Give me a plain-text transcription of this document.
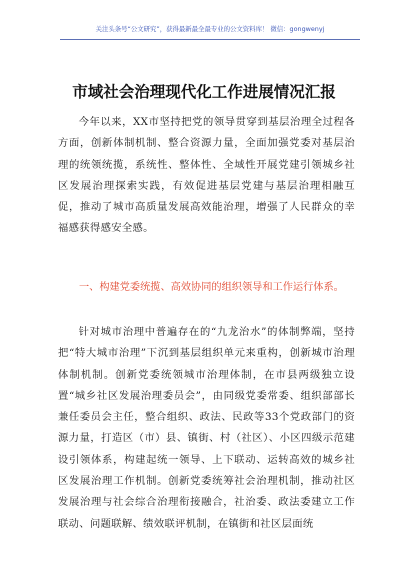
关注头条号“公文研究”，获得最新最全最专业的公文资料库！ 微信：gongwenyj
市域社会治理现代化工作进展情况汇报

今年以来，XX市坚持把党的领导贯穿到基层治理全过程各方面，创新体制机制、整合资源力量，全面加强党委对基层治理的统领统揽，系统性、整体性、全域性开展党建引领城乡社区发展治理探索实践，有效促进基层党建与基层治理相融互促，推动了城市高质量发展高效能治理，增强了人民群众的幸福感获得感安全感。

一、构建党委统揽、高效协同的组织领导和工作运行体系。

针对城市治理中普遍存在的“九龙治水”的体制弊端，坚持把“特大城市治理”下沉到基层组织单元来重构，创新城市治理体制机制。创新党委统领城市治理体制，在市县两级独立设置“城乡社区发展治理委员会”，由同级党委常委、组织部部长兼任委员会主任，整合组织、政法、民政等33个党政部门的资源力量，打造区（市）县、镇街、村（社区）、小区四级示范建设引领体系，构建起统一领导、上下联动、运转高效的城乡社区发展治理工作机制。创新党委统筹社会治理机制，推动社区发展治理与社会综合治理衔接融合，社治委、政法委建立工作联动、问题联解、绩效联评机制，在镇街和社区层面统
